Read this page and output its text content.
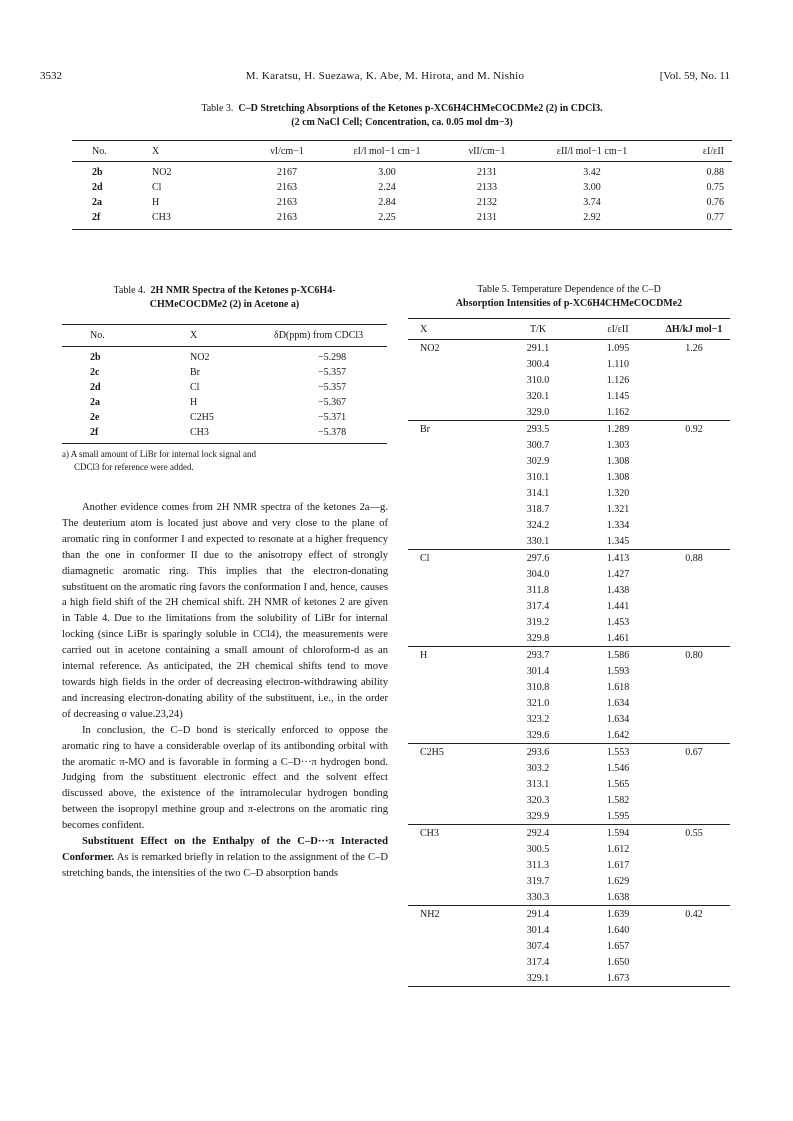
3532	M. Karatsu, H. Suezawa, K. Abe, M. Hirota, and M. Nishio	[Vol. 59, No. 11
Table 3. C–D Stretching Absorptions of the Ketones p-XC6H4CHMeCOCDMe2 (2) in CDCl3.
(2 cm NaCl Cell; Concentration, ca. 0.05 mol dm−3)
No.	X	νI/cm−1	εI/l mol−1 cm−1	νII/cm−1	εII/l mol−1 cm−1	εI/εII
2b	NO2	2167	3.00	2131	3.42	0.88
2d	Cl	2163	2.24	2133	3.00	0.75
2a	H	2163	2.84	2132	3.74	0.76
2f	CH3	2163	2.25	2131	2.92	0.77
Table 4. 2H NMR Spectra of the Ketones p-XC6H4-
CHMeCOCDMe2 (2) in Acetone a)
No.	X	δD(ppm) from CDCl3
2b	NO2	−5.298
2c	Br	−5.357
2d	Cl	−5.357
2a	H	−5.367
2e	C2H5	−5.371
2f	CH3	−5.378
a) A small amount of LiBr for internal lock signal and
CDCl3 for reference were added.

Another evidence comes from 2H NMR spectra of the ketones 2a—g. The deuterium atom is located just above and very close to the plane of aromatic ring in conformer I and expected to resonate at a higher frequency than the one in conformer II due to the anisotropy effect of strongly diamagnetic aromatic ring. This implies that the electron-donating substituent on the aromatic ring favors the conformation I and, hence, causes a high field shift of the 2H chemical shift. 2H NMR of ketones 2 are given in Table 4. Due to the limitations from the solubility of LiBr for internal locking (since LiBr is sparingly soluble in CCl4), the measurements were carried out in acetone containing a small amount of chloroform-d as an internal reference. As anticipated, the 2H chemical shifts tend to move towards high fields in the order of decreasing electron-withdrawing ability and increasing electron-donating ability of the substituent, i.e., in the order of decreasing σ value.23,24)

In conclusion, the C–D bond is sterically enforced to oppose the aromatic ring to have a considerable overlap of its antibonding orbital with the aromatic π-MO and is favorable in forming a C–D···π hydrogen bond. Judging from the substituent electronic effect and the solvent effect discussed above, the existence of the intramolecular hydrogen bonding between the isopropyl methine group and π-electrons on the aromatic ring becomes confident.

Substituent Effect on the Enthalpy of the C–D···π Interacted Conformer. As is remarked briefly in relation to the assignment of the C–D stretching bands, the intensities of the two C–D absorption bands

Table 5. Temperature Dependence of the C–D
Absorption Intensities of p-XC6H4CHMeCOCDMe2
X	T/K	εI/εII	ΔH/kJ mol−1
NO2	291.1	1.095	1.26
	300.4	1.110	
	310.0	1.126	
	320.1	1.145	
	329.0	1.162	
Br	293.5	1.289	0.92
	300.7	1.303	
	302.9	1.308	
	310.1	1.308	
	314.1	1.320	
	318.7	1.321	
	324.2	1.334	
	330.1	1.345	
Cl	297.6	1.413	0.88
	304.0	1.427	
	311.8	1.438	
	317.4	1.441	
	319.2	1.453	
	329.8	1.461	
H	293.7	1.586	0.80
	301.4	1.593	
	310.8	1.618	
	321.0	1.634	
	323.2	1.634	
	329.6	1.642	
C2H5	293.6	1.553	0.67
	303.2	1.546	
	313.1	1.565	
	320.3	1.582	
	329.9	1.595	
CH3	292.4	1.594	0.55
	300.5	1.612	
	311.3	1.617	
	319.7	1.629	
	330.3	1.638	
NH2	291.4	1.639	0.42
	301.4	1.640	
	307.4	1.657	
	317.4	1.650	
	329.1	1.673	
